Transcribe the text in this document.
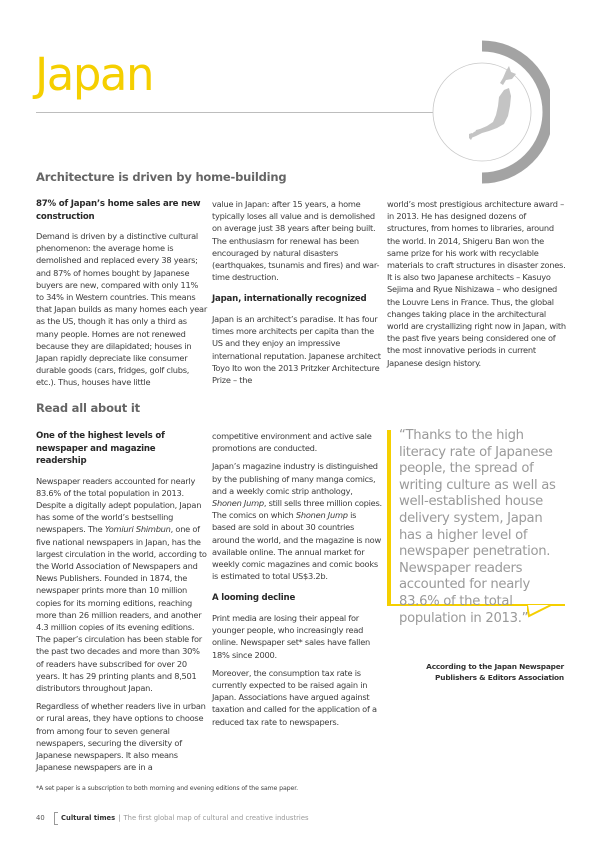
Japan
Architecture is driven by home-building
87% of Japan’s home sales are new construction

Demand is driven by a distinctive cultural phenomenon: the average home is demolished and replaced every 38 years; and 87% of homes bought by Japanese buyers are new, compared with only 11% to 34% in Western countries. This means that Japan builds as many homes each year as the US, though it has only a third as many people. Homes are not renewed because they are dilapidated; houses in Japan rapidly depreciate like consumer durable goods (cars, fridges, golf clubs, etc.). Thus, houses have little

value in Japan: after 15 years, a home typically loses all value and is demolished on average just 38 years after being built. The enthusiasm for renewal has been encouraged by natural disasters (earthquakes, tsunamis and fires) and war-time destruction.

Japan, internationally recognized

Japan is an architect’s paradise. It has four times more architects per capita than the US and they enjoy an impressive international reputation. Japanese architect Toyo Ito won the 2013 Pritzker Architecture Prize – the

world’s most prestigious architecture award – in 2013. He has designed dozens of structures, from homes to libraries, around the world. In 2014, Shigeru Ban won the same prize for his work with recyclable materials to craft structures in disaster zones. It is also two Japanese architects – Kasuyo Sejima and Ryue Nishizawa – who designed the Louvre Lens in France. Thus, the global changes taking place in the architectural world are crystallizing right now in Japan, with the past five years being considered one of the most innovative periods in current Japanese design history.

Read all about it
One of the highest levels of newspaper and magazine readership

Newspaper readers accounted for nearly 83.6% of the total population in 2013. Despite a digitally adept population, Japan has some of the world’s bestselling newspapers. The Yomiuri Shimbun, one of five national newspapers in Japan, has the largest circulation in the world, according to the World Association of Newspapers and News Publishers. Founded in 1874, the newspaper prints more than 10 million copies for its morning editions, reaching more than 26 million readers, and another 4.3 million copies of its evening editions. The paper’s circulation has been stable for the past two decades and more than 30% of readers have subscribed for over 20 years. It has 29 printing plants and 8,501 distributors throughout Japan.

Regardless of whether readers live in urban or rural areas, they have options to choose from among four to seven general newspapers, securing the diversity of Japanese newspapers. It also means Japanese newspapers are in a

competitive environment and active sale promotions are conducted.

Japan’s magazine industry is distinguished by the publishing of many manga comics, and a weekly comic strip anthology, Shonen Jump, still sells three million copies. The comics on which Shonen Jump is based are sold in about 30 countries around the world, and the magazine is now available online. The annual market for weekly comic magazines and comic books is estimated to total US$3.2b.

A looming decline

Print media are losing their appeal for younger people, who increasingly read online. Newspaper set* sales have fallen 18% since 2000.

Moreover, the consumption tax rate is currently expected to be raised again in Japan. Associations have argued against taxation and called for the application of a reduced tax rate to newspapers.

“Thanks to the high literacy rate of Japanese people, the spread of writing culture as well as well-established house delivery system, Japan has a higher level of newspaper penetration. Newspaper readers accounted for nearly 83.6% of the total population in 2013.”
According to the Japan Newspaper
Publishers & Editors Association
*A set paper is a subscription to both morning and evening editions of the same paper.
40	Cultural times | The first global map of cultural and creative industries
